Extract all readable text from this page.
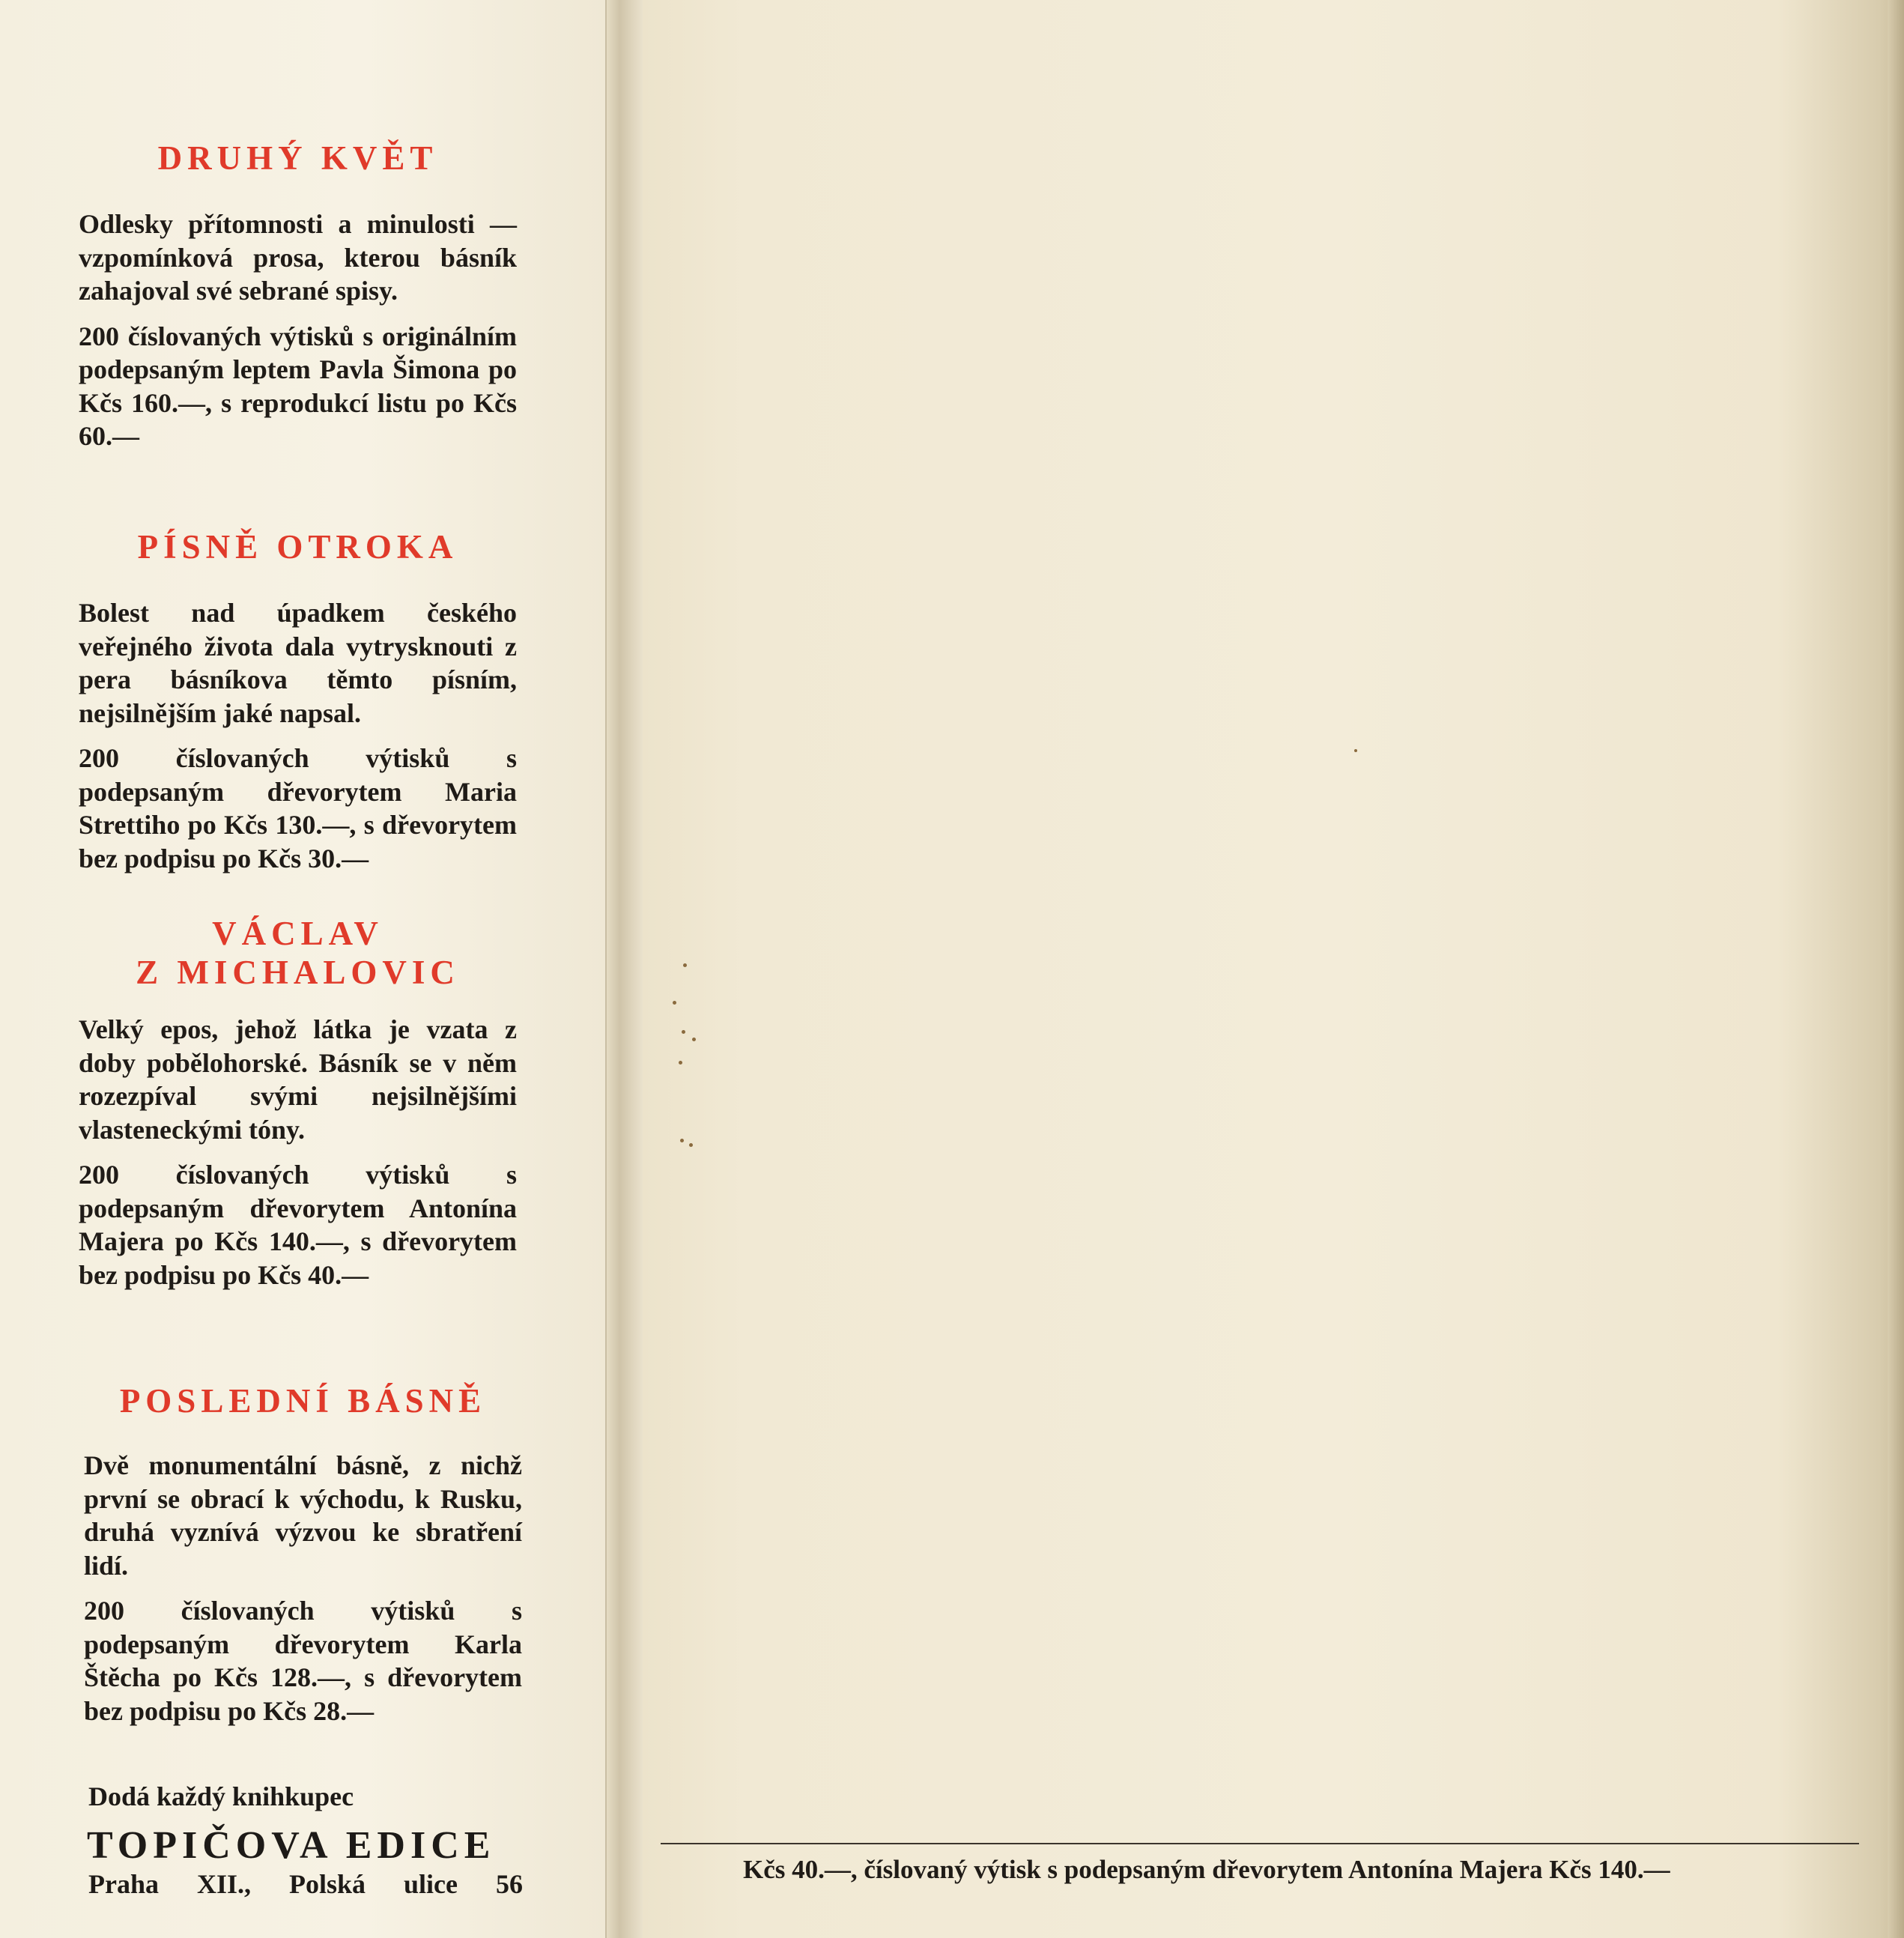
DRUHÝ KVĚT

Odlesky přítomnosti a minulosti — vzpomínková prosa, kterou básník zahajoval své sebrané spisy.

200 číslovaných výtisků s originálním podepsaným leptem Pavla Šimona po Kčs 160.—, s reprodukcí listu po Kčs 60.—

PÍSNĚ OTROKA

Bolest nad úpadkem českého veřejného života dala vytrysknouti z pera básníkova těmto písním, nejsilnějším jaké napsal.

200 číslovaných výtisků s podepsaným dřevorytem Maria Strettiho po Kčs 130.—, s dřevorytem bez podpisu po Kčs 30.—

VÁCLAV
Z MICHALOVIC

Velký epos, jehož látka je vzata z doby pobělohorské. Básník se v něm rozezpíval svými nejsilnějšími vlasteneckými tóny.

200 číslovaných výtisků s podepsaným dřevorytem Antonína Majera po Kčs 140.—, s dřevorytem bez podpisu po Kčs 40.—

POSLEDNÍ BÁSNĚ

Dvě monumentální básně, z nichž první se obrací k východu, k Rusku, druhá vyznívá výzvou ke sbratření lidí.

200 číslovaných výtisků s podepsaným dřevorytem Karla Štěcha po Kčs 128.—, s dřevorytem bez podpisu po Kčs 28.—

Dodá každý knihkupec
TOPIČOVA EDICE
Praha XII., Polská ulice 56	Kčs 40.—, číslovaný výtisk s podepsaným dřevorytem Antonína Majera Kčs 140.—
